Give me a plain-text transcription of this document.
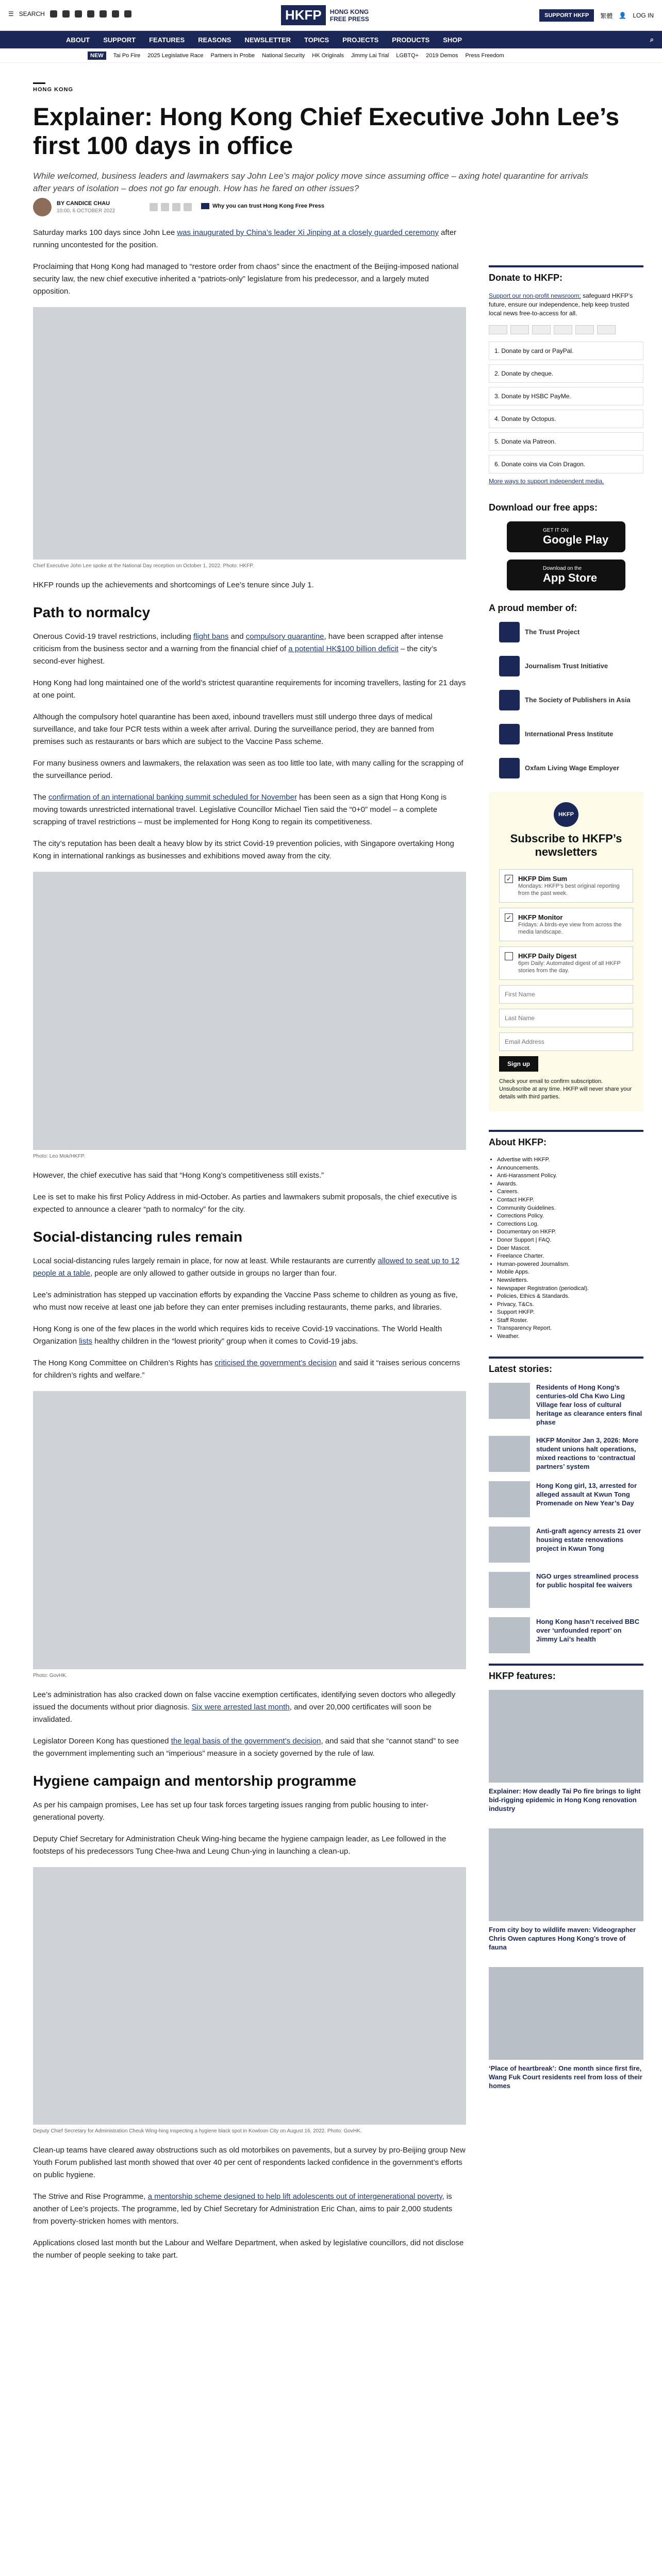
☰ SEARCH	HKFP	HONG KONG
FREE PRESS	SUPPORT HKFP	繁體 👤 LOG IN
ABOUT SUPPORT FEATURES REASONS NEWSLETTER TOPICS PROJECTS PRODUCTS SHOP	⌕
NEW	Tai Po Fire 2025 Legislative Race Partners in Probe National Security HK Originals Jimmy Lai Trial LGBTQ+ 2019 Demos Press Freedom
HONG KONG
Explainer: Hong Kong Chief Executive John Lee’s first 100 days in office
While welcomed, business leaders and lawmakers say John Lee’s major policy move since assuming office – axing hotel quarantine for arrivals after years of isolation – does not go far enough. How has he fared on other issues?
BY CANDICE CHAU
10:00, 6 OCTOBER 2022
Why you can trust Hong Kong Free Press

Saturday marks 100 days since John Lee was inaugurated by China’s leader Xi Jinping at a closely guarded ceremony after running uncontested for the position.

Proclaiming that Hong Kong had managed to “restore order from chaos” since the enactment of the Beijing-imposed national security law, the new chief executive inherited a “patriots-only” legislature from his predecessor, and a largely muted opposition.

Chief Executive John Lee spoke at the National Day reception on October 1, 2022. Photo: HKFP.

HKFP rounds up the achievements and shortcomings of Lee’s tenure since July 1.

Path to normalcy

Onerous Covid-19 travel restrictions, including flight bans and compulsory quarantine, have been scrapped after intense criticism from the business sector and a warning from the financial chief of a potential HK$100 billion deficit – the city’s second-ever highest.

Hong Kong had long maintained one of the world’s strictest quarantine requirements for incoming travellers, lasting for 21 days at one point.

Although the compulsory hotel quarantine has been axed, inbound travellers must still undergo three days of medical surveillance, and take four PCR tests within a week after arrival. During the surveillance period, they are banned from premises such as restaurants or bars which are subject to the Vaccine Pass scheme.

For many business owners and lawmakers, the relaxation was seen as too little too late, with many calling for the scrapping of the surveillance period.

The confirmation of an international banking summit scheduled for November has been seen as a sign that Hong Kong is moving towards unrestricted international travel. Legislative Councillor Michael Tien said the “0+0” model – a complete scrapping of travel restrictions – must be implemented for Hong Kong to regain its competitiveness.

The city’s reputation has been dealt a heavy blow by its strict Covid-19 prevention policies, with Singapore overtaking Hong Kong in international rankings as businesses and exhibitions moved away from the city.

Photo: Leo Mok/HKFP.

However, the chief executive has said that “Hong Kong’s competitiveness still exists.”

Lee is set to make his first Policy Address in mid-October. As parties and lawmakers submit proposals, the chief executive is expected to announce a clearer “path to normalcy” for the city.

Social-distancing rules remain

Local social-distancing rules largely remain in place, for now at least. While restaurants are currently allowed to seat up to 12 people at a table, people are only allowed to gather outside in groups no larger than four.

Lee’s administration has stepped up vaccination efforts by expanding the Vaccine Pass scheme to children as young as five, who must now receive at least one jab before they can enter premises including restaurants, theme parks, and libraries.

Hong Kong is one of the few places in the world which requires kids to receive Covid-19 vaccinations. The World Health Organization lists healthy children in the “lowest priority” group when it comes to Covid-19 jabs.

The Hong Kong Committee on Children’s Rights has criticised the government’s decision and said it “raises serious concerns for children’s rights and welfare.”

Photo: GovHK.

Lee’s administration has also cracked down on false vaccine exemption certificates, identifying seven doctors who allegedly issued the documents without prior diagnosis. Six were arrested last month, and over 20,000 certificates will soon be invalidated.

Legislator Doreen Kong has questioned the legal basis of the government’s decision, and said that she “cannot stand” to see the government implementing such an “imperious” measure in a society governed by the rule of law.

Hygiene campaign and mentorship programme

As per his campaign promises, Lee has set up four task forces targeting issues ranging from public housing to inter-generational poverty.

Deputy Chief Secretary for Administration Cheuk Wing-hing became the hygiene campaign leader, as Lee followed in the footsteps of his predecessors Tung Chee-hwa and Leung Chun-ying in launching a clean-up.

Deputy Chief Secretary for Administration Cheuk Wing-hing inspecting a hygiene black spot in Kowloon City on August 16, 2022. Photo: GovHK.

Clean-up teams have cleared away obstructions such as old motorbikes on pavements, but a survey by pro-Beijing group New Youth Forum published last month showed that over 40 per cent of respondents lacked confidence in the government’s efforts on public hygiene.

The Strive and Rise Programme, a mentorship scheme designed to help lift adolescents out of intergenerational poverty, is another of Lee’s projects. The programme, led by Chief Secretary for Administration Eric Chan, aims to pair 2,000 students from poverty-stricken homes with mentors.

Applications closed last month but the Labour and Welfare Department, when asked by legislative councillors, did not disclose the number of people seeking to take part.

Donate to HKFP:
Support our non-profit newsroom: safeguard HKFP’s future, ensure our independence, help keep trusted local news free-to-access for all.
1. Donate by card or PayPal.
2. Donate by cheque.
3. Donate by HSBC PayMe.
4. Donate by Octopus.
5. Donate via Patreon.
6. Donate coins via Coin Dragon.
More ways to support independent media.
Download our free apps:
GET IT ON
Google Play
Download on the
App Store
A proud member of:
The Trust Project
Journalism Trust Initiative
The Society of Publishers in Asia
International Press Institute
Oxfam Living Wage Employer
HKFP
Subscribe to HKFP’s newsletters
✓ HKFP Dim Sum
Mondays: HKFP’s best original reporting from the past week.
✓ HKFP Monitor
Fridays: A birds-eye view from across the media landscape.
HKFP Daily Digest
6pm Daily: Automated digest of all HKFP stories from the day.
First Name Last Name Email Address Sign up
Check your email to confirm subscription. Unsubscribe at any time. HKFP will never share your details with third parties.
About HKFP:
• Advertise with HKFP.
• Announcements.
• Anti-Harassment Policy.
• Awards.
• Careers.
• Contact HKFP.
• Community Guidelines.
• Corrections Policy.
• Corrections Log.
• Documentary on HKFP.
• Donor Support | FAQ.
• Doer Mascot.
• Freelance Charter.
• Human-powered Journalism.
• Mobile Apps.
• Newsletters.
• Newspaper Registration (periodical).
• Policies, Ethics & Standards.
• Privacy, T&Cs.
• Support HKFP.
• Staff Roster.
• Transparency Report.
• Weather.
Latest stories:
Residents of Hong Kong’s centuries-old Cha Kwo Ling Village fear loss of cultural heritage as clearance enters final phase
HKFP Monitor Jan 3, 2026: More student unions halt operations, mixed reactions to ‘contractual partners’ system
Hong Kong girl, 13, arrested for alleged assault at Kwun Tong Promenade on New Year’s Day
Anti-graft agency arrests 21 over housing estate renovations project in Kwun Tong
NGO urges streamlined process for public hospital fee waivers
Hong Kong hasn’t received BBC over ‘unfounded report’ on Jimmy Lai’s health
HKFP features:
Explainer: How deadly Tai Po fire brings to light bid-rigging epidemic in Hong Kong renovation industry
From city boy to wildlife maven: Videographer Chris Owen captures Hong Kong’s trove of fauna
‘Place of heartbreak’: One month since first fire, Wang Fuk Court residents reel from loss of their homes
